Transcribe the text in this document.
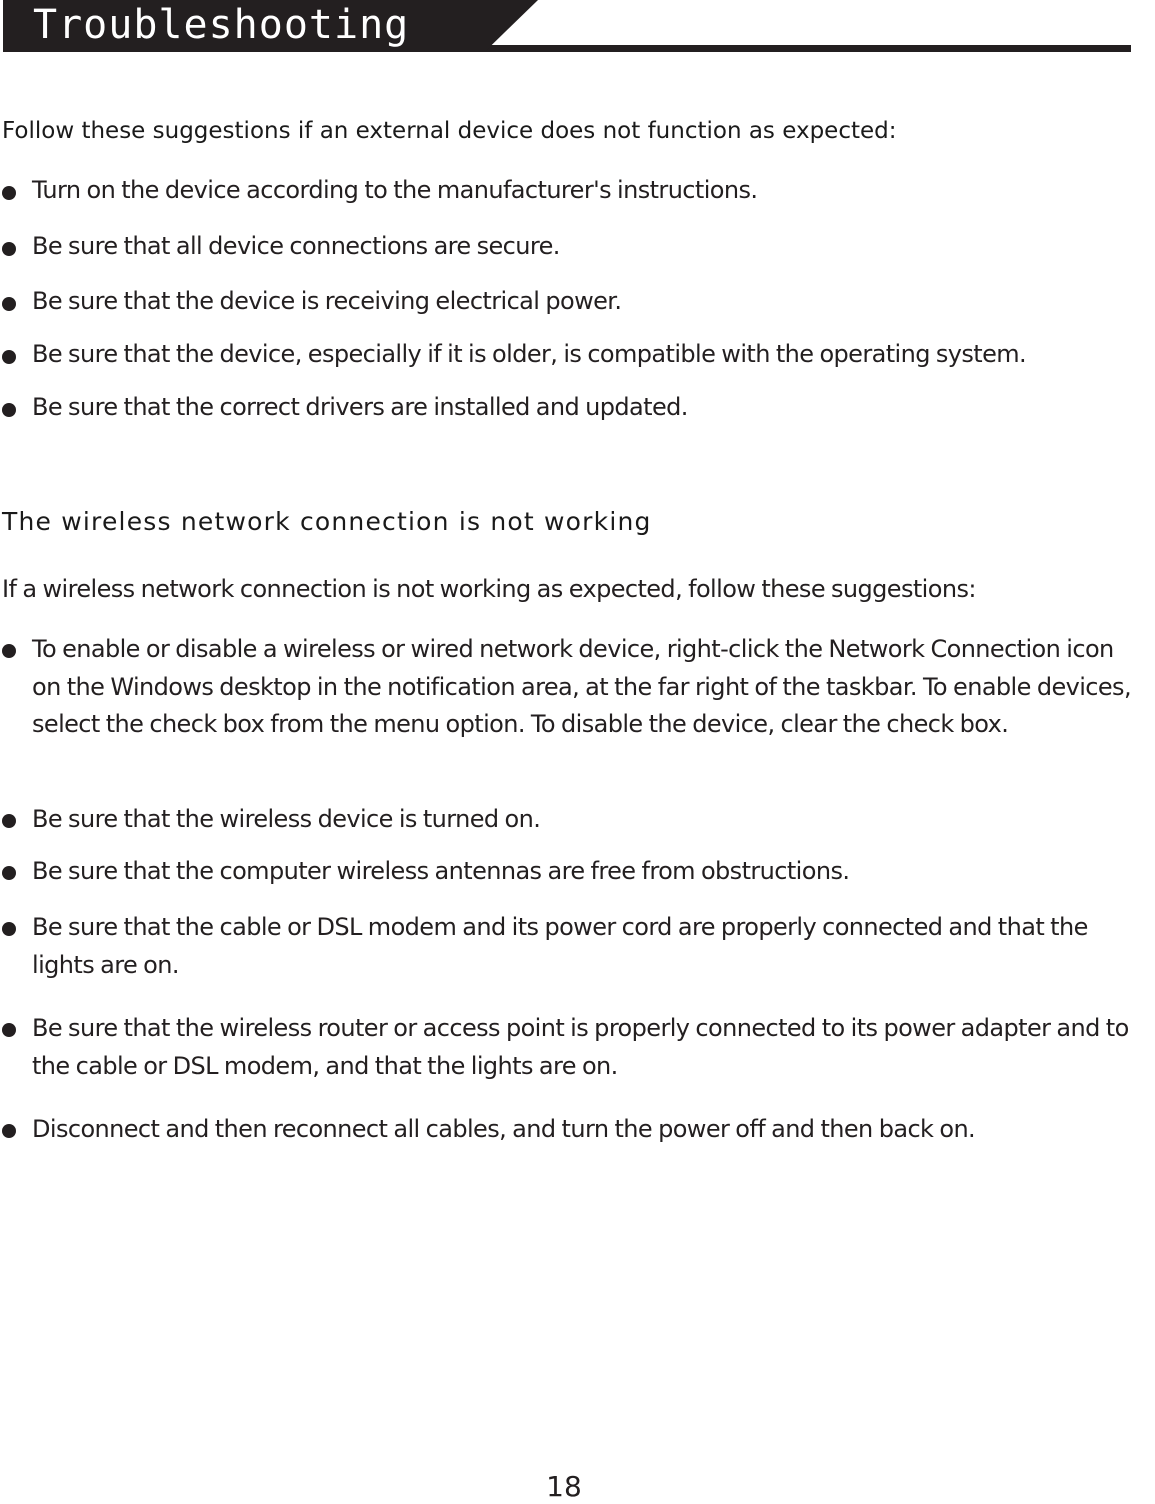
Troubleshooting
Follow these suggestions if an external device does not function as expected:
Turn on the device according to the manufacturer's instructions.
Be sure that all device connections are secure.
Be sure that the device is receiving electrical power.
Be sure that the device, especially if it is older, is compatible with the operating system.
Be sure that the correct drivers are installed and updated.
The wireless network connection is not working
If a wireless network connection is not working as expected, follow these suggestions:
To enable or disable a wireless or wired network device, right-click the Network Connection icon on the Windows desktop in the notification area, at the far right of the taskbar. To enable devices, select the check box from the menu option. To disable the device, clear the check box.
Be sure that the wireless device is turned on.
Be sure that the computer wireless antennas are free from obstructions.
Be sure that the cable or DSL modem and its power cord are properly connected and that the lights are on.
Be sure that the wireless router or access point is properly connected to its power adapter and to the cable or DSL modem, and that the lights are on.
Disconnect and then reconnect all cables, and turn the power off and then back on.
18
